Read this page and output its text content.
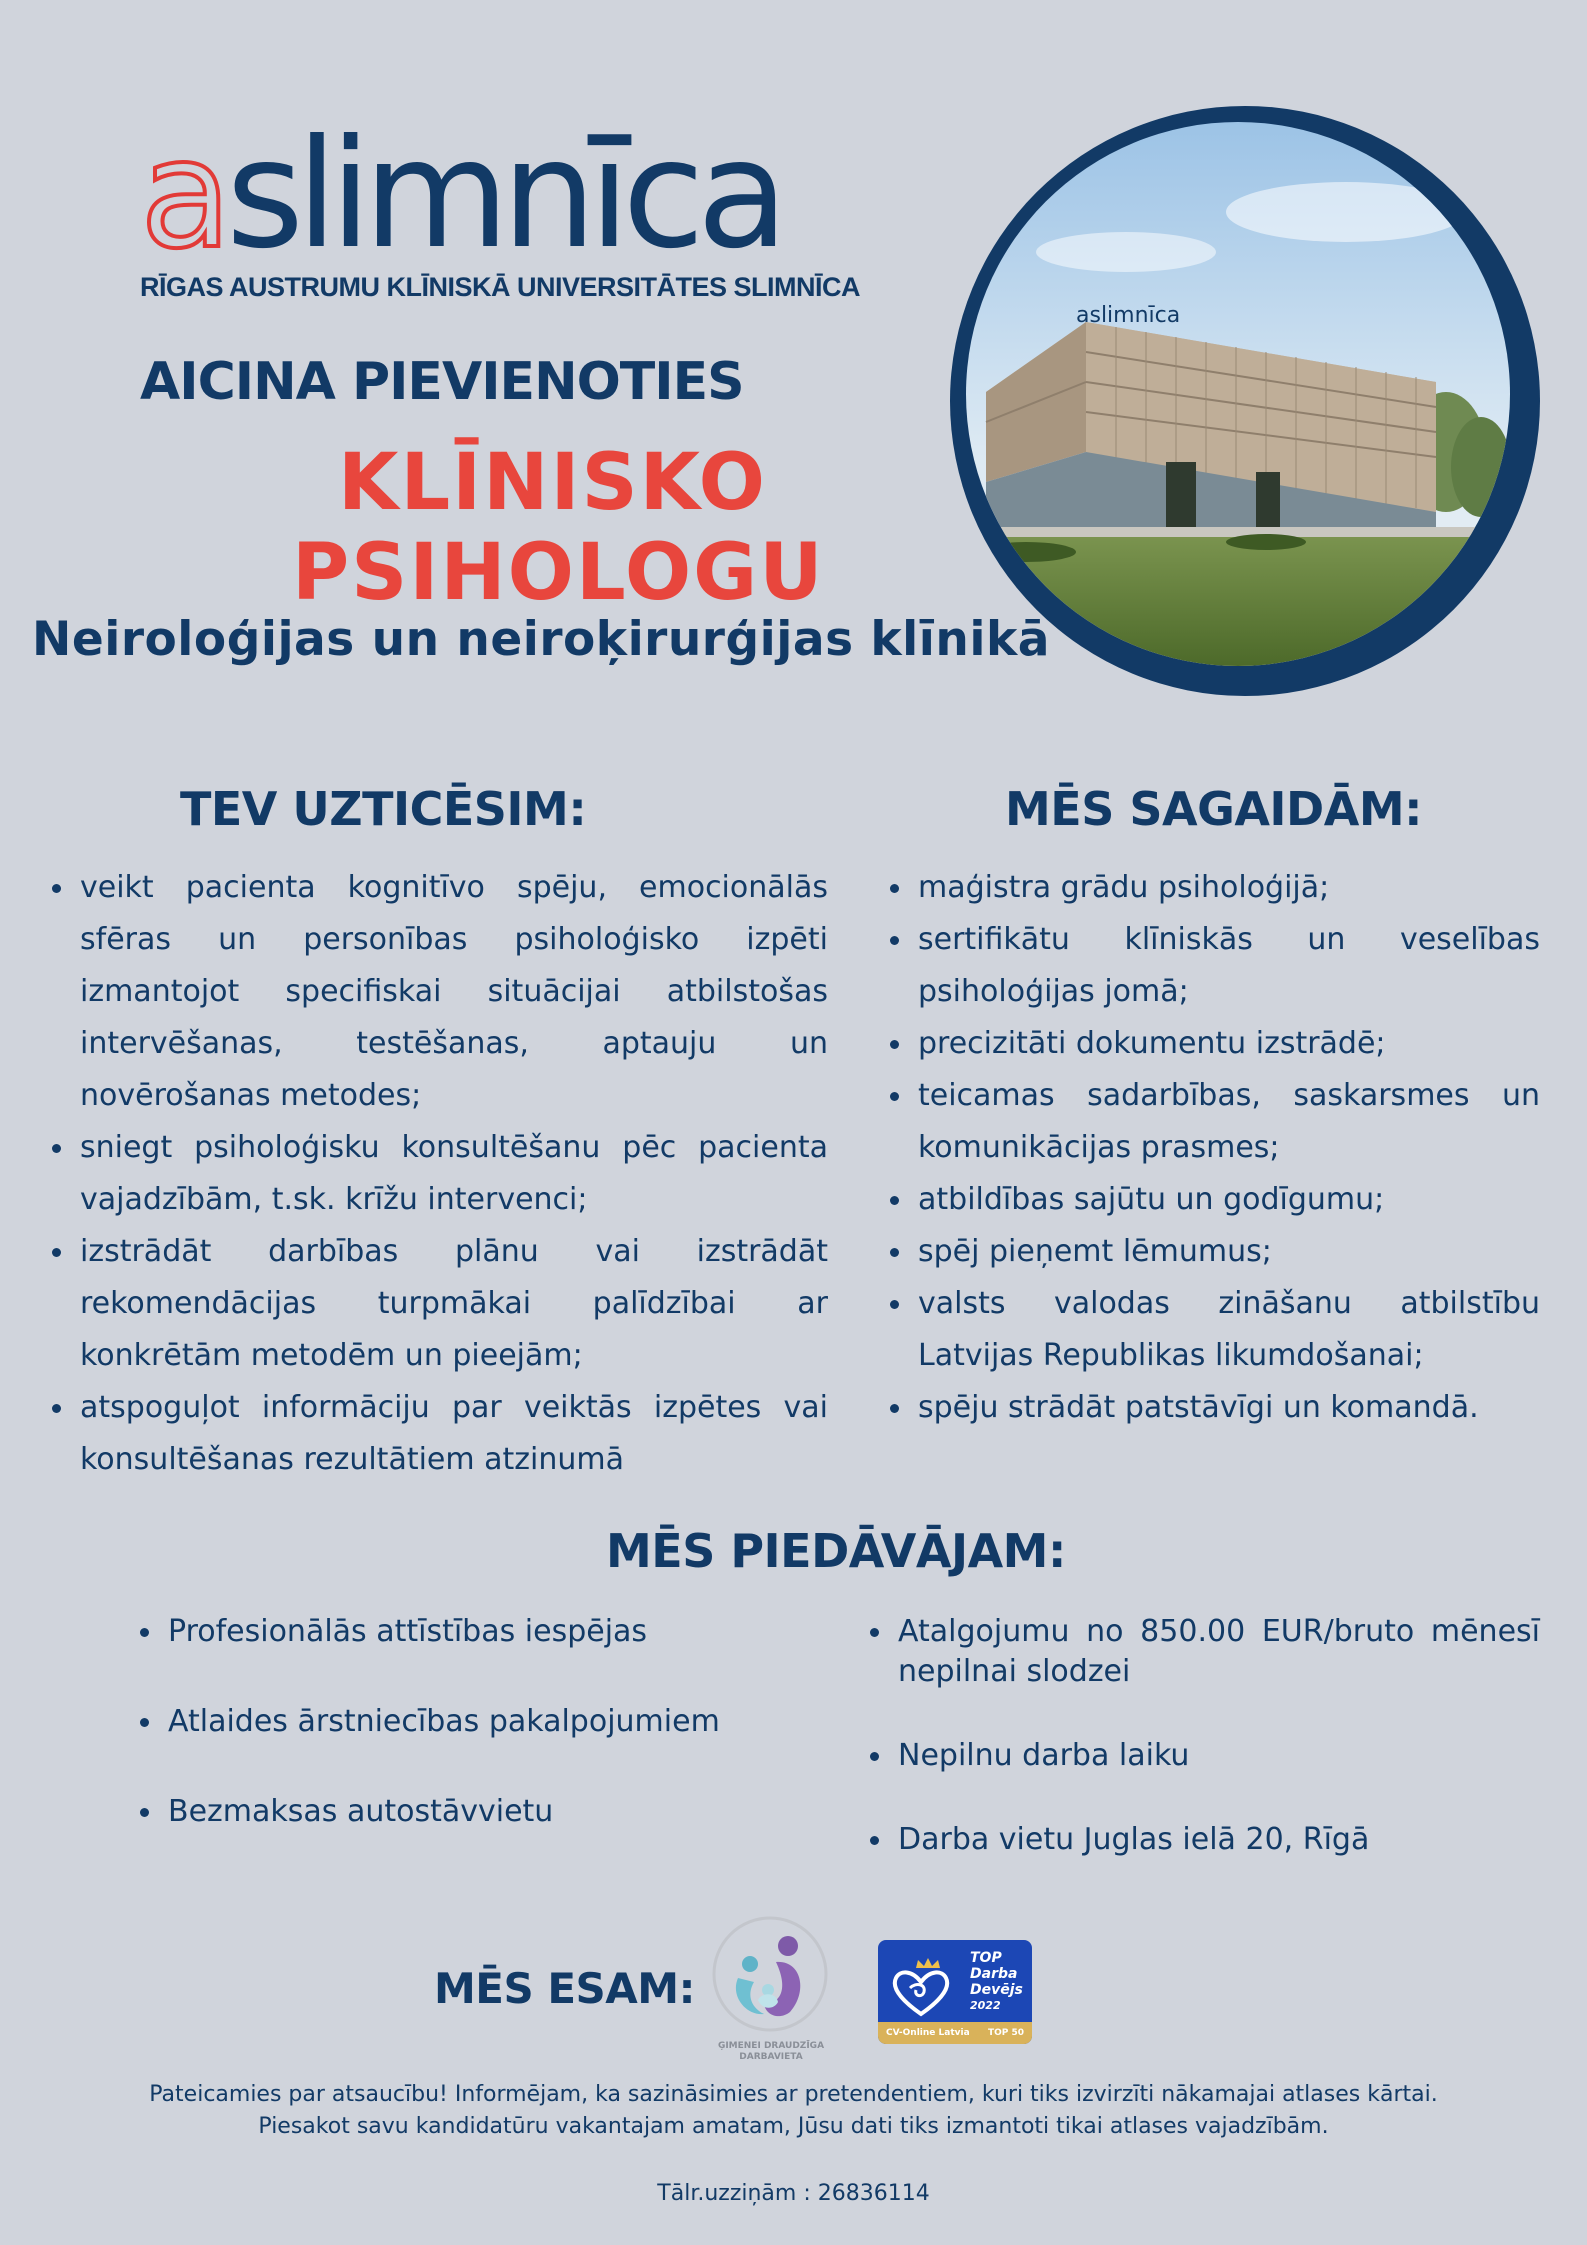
a slimnīca
RĪGAS AUSTRUMU KLĪNISKĀ UNIVERSITĀTES SLIMNĪCA
AICINA PIEVIENOTIES
KLĪNISKO
PSIHOLOGU
Neiroloģijas un neiroķirurģijas klīnikā
aslimnīca
TEV UZTICĒSIM:
veikt pacienta kognitīvo spēju, emocionālās sfēras un personības psiholoģisko izpēti izmantojot specifiskai situācijai atbilstošas intervēšanas, testēšanas, aptauju un novērošanas metodes;
sniegt psiholoģisku konsultēšanu pēc pacienta vajadzībām, t.sk. krīžu intervenci;
izstrādāt darbības plānu vai izstrādāt rekomendācijas turpmākai palīdzībai ar konkrētām metodēm un pieejām;
atspoguļot informāciju par veiktās izpētes vai konsultēšanas rezultātiem atzinumā
MĒS SAGAIDĀM:
maģistra grādu psiholoģijā;
sertifikātu klīniskās un veselības psiholoģijas jomā;
precizitāti dokumentu izstrādē;
teicamas sadarbības, saskarsmes un komunikācijas prasmes;
atbildības sajūtu un godīgumu;
spēj pieņemt lēmumus;
valsts valodas zināšanu atbilstību Latvijas Republikas likumdošanai;
spēju strādāt patstāvīgi un komandā.
MĒS PIEDĀVĀJAM:
Profesionālās attīstības iespējas
Atlaides ārstniecības pakalpojumiem
Bezmaksas autostāvvietu
Atalgojumu no 850.00 EUR/bruto mēnesī nepilnai slodzei
Nepilnu darba laiku
Darba vietu Juglas ielā 20, Rīgā
MĒS ESAM:
ĢIMENEI DRAUDZĪGA
DARBAVIETA
TOP
Darba
Devējs
2022
CV-Online Latvia TOP 50
Pateicamies par atsaucību! Informējam, ka sazināsimies ar pretendentiem, kuri tiks izvirzīti nākamajai atlases kārtai.
Piesakot savu kandidatūru vakantajam amatam, Jūsu dati tiks izmantoti tikai atlases vajadzībām.
Tālr.uzziņām : 26836114
